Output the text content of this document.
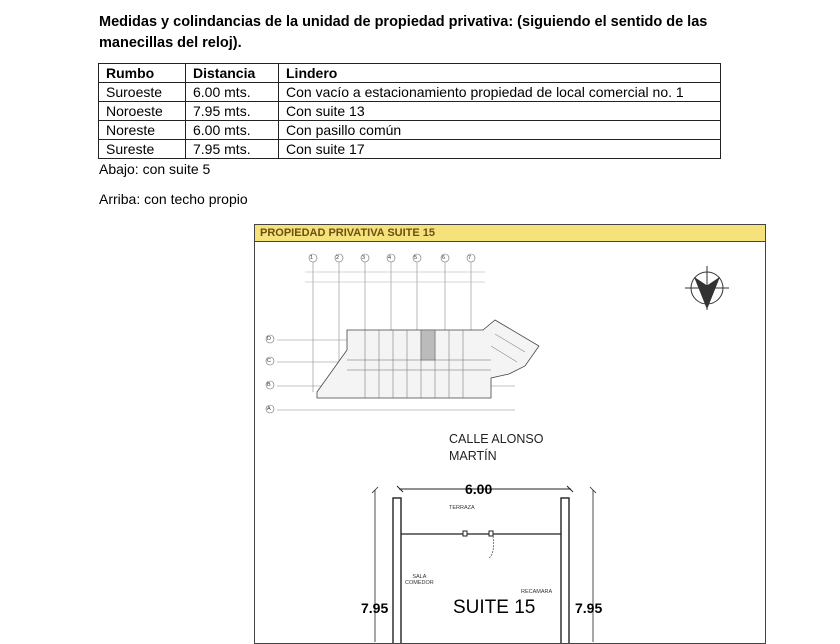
Medidas y colindancias de la unidad de propiedad privativa: (siguiendo el sentido de las manecillas del reloj).
Rumbo	Distancia	Lindero
Suroeste	6.00 mts.	Con vacío a estacionamiento propiedad de local comercial no. 1
Noroeste	7.95 mts.	Con suite 13
Noreste	6.00 mts.	Con pasillo común
Sureste	7.95 mts.	Con suite 17
Abajo: con suite 5
Arriba: con techo propio
PROPIEDAD PRIVATIVA SUITE 15
CALLE ALONSO
MARTÍN
6.00
TERRAZA
SALA
COMEDOR
RECAMARA
7.95	SUITE 15	7.95
1	2	3	4	5	6	7
D
C
B
A
